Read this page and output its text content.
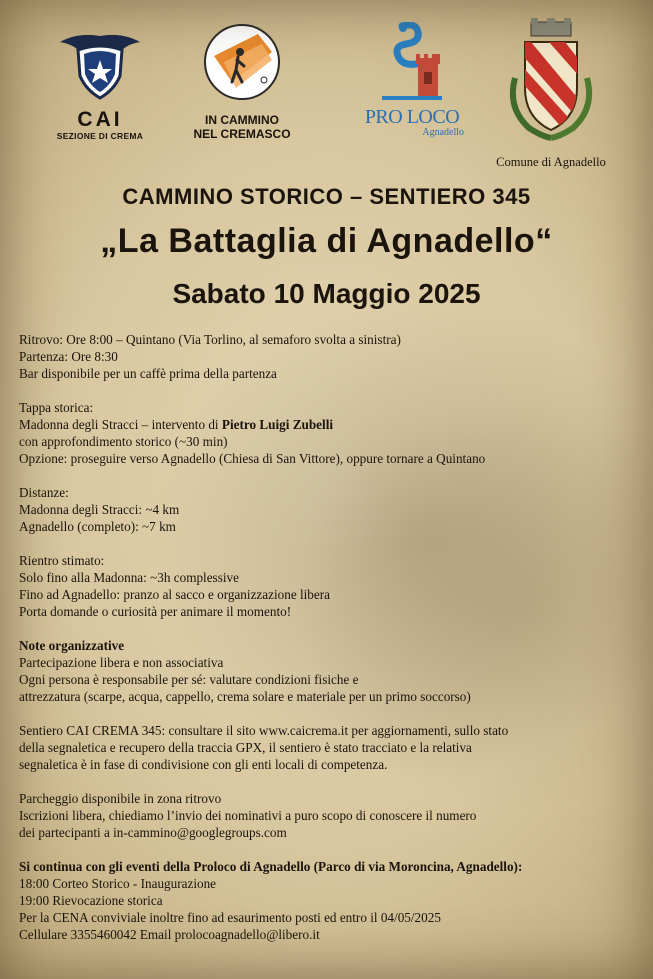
CAI
SEZIONE DI CREMA
IN CAMMINO
NEL CREMASCO
PRO LOCO
Agnadello
Comune di Agnadello
CAMMINO STORICO – SENTIERO 345
„La Battaglia di Agnadello“
Sabato 10 Maggio 2025
Ritrovo: Ore 8:00 – Quintano (Via Torlino, al semaforo svolta a sinistra)
Partenza: Ore 8:30
Bar disponibile per un caffè prima della partenza
Tappa storica:
Madonna degli Stracci – intervento di Pietro Luigi Zubelli
con approfondimento storico (~30 min)
Opzione: proseguire verso Agnadello (Chiesa di San Vittore), oppure tornare a Quintano
Distanze:
Madonna degli Stracci: ~4 km
Agnadello (completo): ~7 km
Rientro stimato:
Solo fino alla Madonna: ~3h complessive
Fino ad Agnadello: pranzo al sacco e organizzazione libera
Porta domande o curiosità per animare il momento!
Note organizzative
Partecipazione libera e non associativa
Ogni persona è responsabile per sé: valutare condizioni fisiche e
attrezzatura (scarpe, acqua, cappello, crema solare e materiale per un primo soccorso)
Sentiero CAI CREMA 345: consultare il sito www.caicrema.it per aggiornamenti, sullo stato
della segnaletica e recupero della traccia GPX, il sentiero è stato tracciato e la relativa
segnaletica è in fase di condivisione con gli enti locali di competenza.
Parcheggio disponibile in zona ritrovo
Iscrizioni libera, chiediamo l’invio dei nominativi a puro scopo di conoscere il numero
dei partecipanti a in-cammino@googlegroups.com
Si continua con gli eventi della Proloco di Agnadello (Parco di via Moroncina, Agnadello):
18:00 Corteo Storico - Inaugurazione
19:00 Rievocazione storica
Per la CENA conviviale inoltre fino ad esaurimento posti ed entro il 04/05/2025
Cellulare 3355460042 Email prolocoagnadello@libero.it
